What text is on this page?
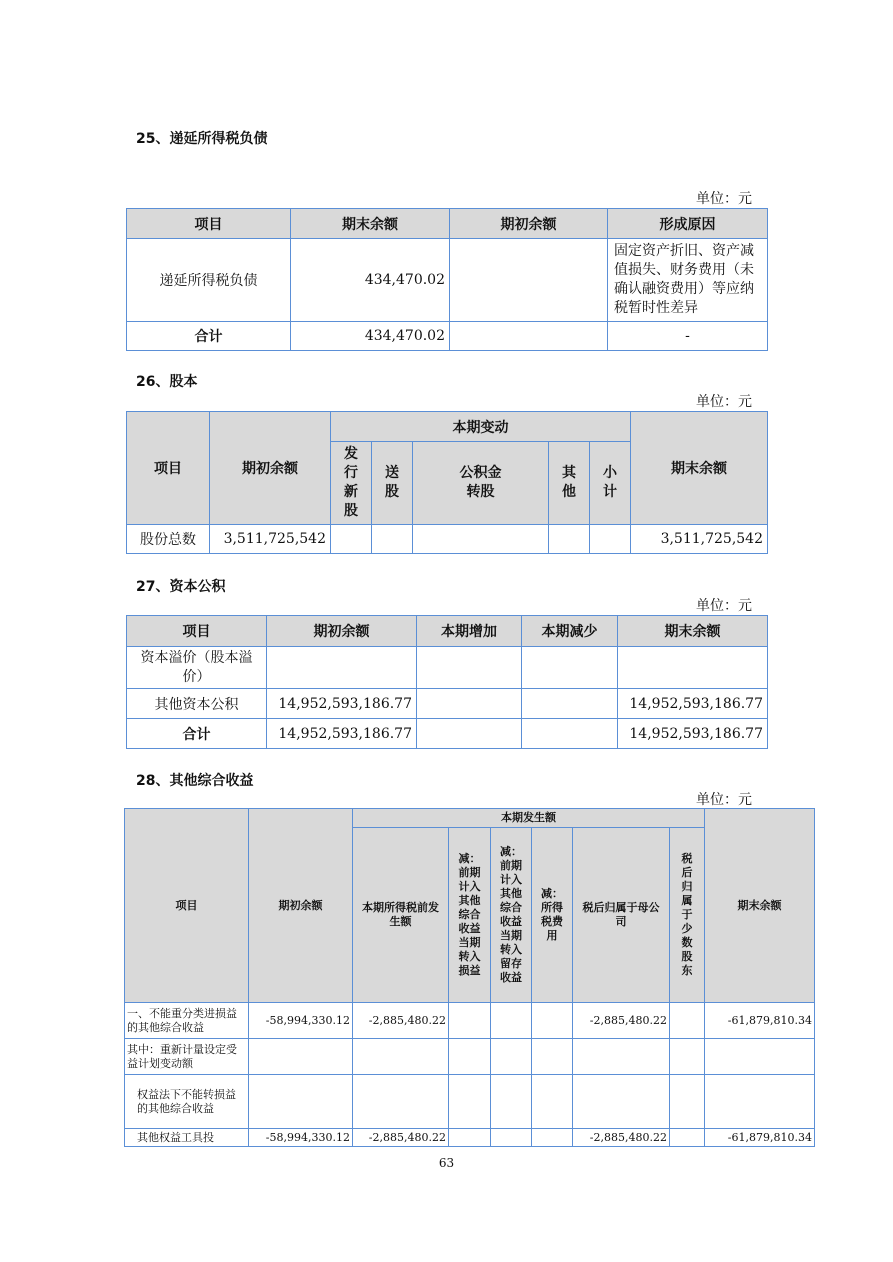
25、递延所得税负债
单位：元
项目	期末余额	期初余额	形成原因
递延所得税负债	434,470.02		固定资产折旧、资产减值损失、财务费用（未确认融资费用）等应纳税暂时性差异
合计	434,470.02		-
26、股本
单位：元
项目	期初余额	本期变动					期末余额
		发行新股	送股	公积金转股	其他	小计	
股份总数	3,511,725,542						3,511,725,542
27、资本公积
单位：元
项目	期初余额	本期增加	本期减少	期末余额
资本溢价（股本溢价）				
其他资本公积	14,952,593,186.77			14,952,593,186.77
合计	14,952,593,186.77			14,952,593,186.77
28、其他综合收益
单位：元
项目	期初余额	本期发生额						期末余额
		本期所得税前发生额	减：前期计入其他综合收益当期转入损益	减：前期计入其他综合收益当期转入留存收益	减：所得税费用	税后归属于母公司	税后归属于少数股东	
一、不能重分类进损益的其他综合收益	-58,994,330.12	-2,885,480.22				-2,885,480.22		-61,879,810.34
其中：重新计量设定受益计划变动额								
权益法下不能转损益的其他综合收益								
其他权益工具投	-58,994,330.12	-2,885,480.22				-2,885,480.22		-61,879,810.34
63
